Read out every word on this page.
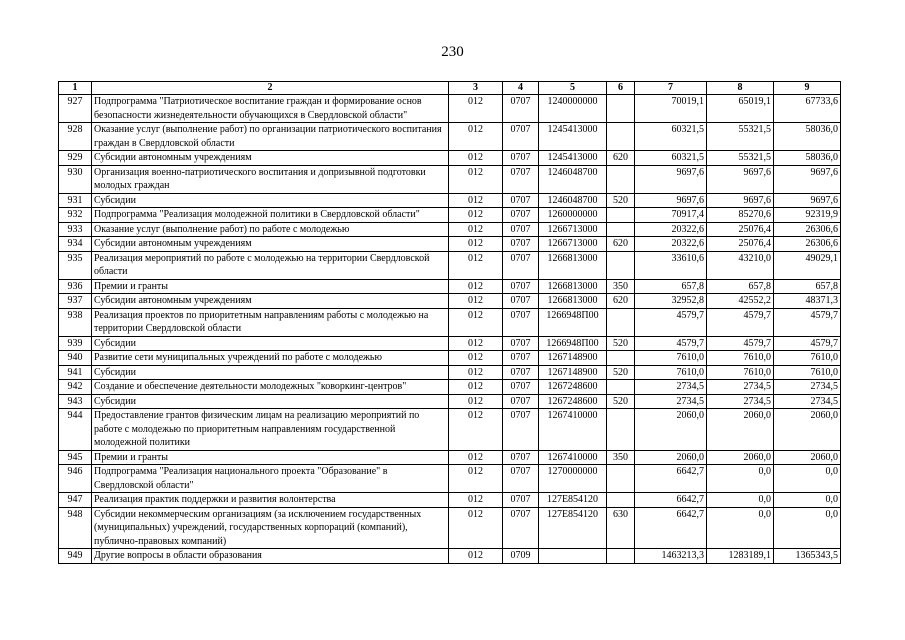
230
1	2	3	4	5	6	7	8	9
927	Подпрограмма "Патриотическое воспитание граждан и формирование основ безопасности жизнедеятельности обучающихся в Свердловской области"	012	0707	1240000000		70019,1	65019,1	67733,6
928	Оказание услуг (выполнение работ) по организации патриотического воспитания граждан в Свердловской области	012	0707	1245413000		60321,5	55321,5	58036,0
929	Субсидии автономным учреждениям	012	0707	1245413000	620	60321,5	55321,5	58036,0
930	Организация военно-патриотического воспитания и допризывной подготовки молодых граждан	012	0707	1246048700		9697,6	9697,6	9697,6
931	Субсидии	012	0707	1246048700	520	9697,6	9697,6	9697,6
932	Подпрограмма "Реализация молодежной политики в Свердловской области"	012	0707	1260000000		70917,4	85270,6	92319,9
933	Оказание услуг (выполнение работ) по работе с молодежью	012	0707	1266713000		20322,6	25076,4	26306,6
934	Субсидии автономным учреждениям	012	0707	1266713000	620	20322,6	25076,4	26306,6
935	Реализация мероприятий по работе с молодежью на территории Свердловской области	012	0707	1266813000		33610,6	43210,0	49029,1
936	Премии и гранты	012	0707	1266813000	350	657,8	657,8	657,8
937	Субсидии автономным учреждениям	012	0707	1266813000	620	32952,8	42552,2	48371,3
938	Реализация проектов по приоритетным направлениям работы с молодежью на территории Свердловской области	012	0707	1266948П00		4579,7	4579,7	4579,7
939	Субсидии	012	0707	1266948П00	520	4579,7	4579,7	4579,7
940	Развитие сети муниципальных учреждений по работе с молодежью	012	0707	1267148900		7610,0	7610,0	7610,0
941	Субсидии	012	0707	1267148900	520	7610,0	7610,0	7610,0
942	Создание и обеспечение деятельности молодежных "коворкинг-центров"	012	0707	1267248600		2734,5	2734,5	2734,5
943	Субсидии	012	0707	1267248600	520	2734,5	2734,5	2734,5
944	Предоставление грантов физическим лицам на реализацию мероприятий по работе с молодежью по приоритетным направлениям государственной молодежной политики	012	0707	1267410000		2060,0	2060,0	2060,0
945	Премии и гранты	012	0707	1267410000	350	2060,0	2060,0	2060,0
946	Подпрограмма "Реализация национального проекта "Образование" в Свердловской области"	012	0707	1270000000		6642,7	0,0	0,0
947	Реализация практик поддержки и развития волонтерства	012	0707	127E854120		6642,7	0,0	0,0
948	Субсидии некоммерческим организациям (за исключением государственных (муниципальных) учреждений, государственных корпораций (компаний), публично-правовых компаний)	012	0707	127E854120	630	6642,7	0,0	0,0
949	Другие вопросы в области образования	012	0709			1463213,3	1283189,1	1365343,5
